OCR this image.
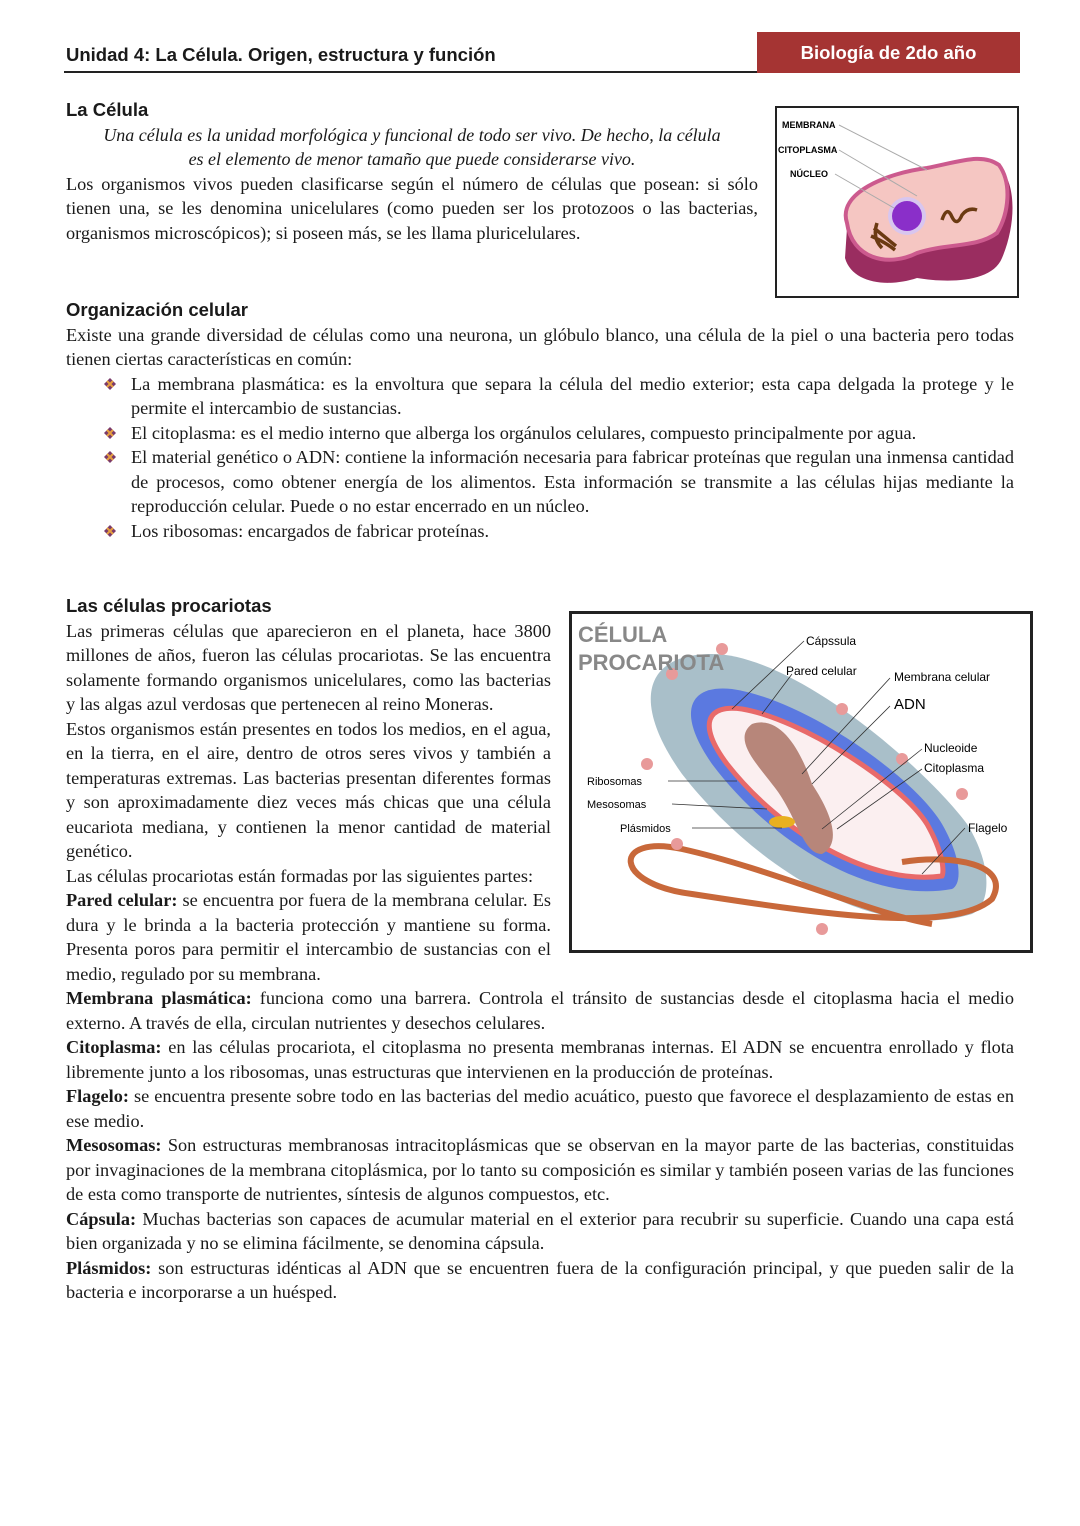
Unidad 4: La Célula. Origen, estructura y función	Biología de 2do año
MEMBRANA
CITOPLASMA
NÚCLEO
La Célula

Una célula es la unidad morfológica y funcional de todo ser vivo. De hecho, la célula es el elemento de menor tamaño que puede considerarse vivo.

Los organismos vivos pueden clasificarse según el número de células que posean: si sólo tienen una, se les denomina unicelulares (como pueden ser los protozoos o las bacterias, organismos microscópicos); si poseen más, se les llama pluricelulares.

Organización celular

Existe una grande diversidad de células como una neurona, un glóbulo blanco, una célula de la piel o una bacteria pero todas tienen ciertas características en común:

La membrana plasmática: es la envoltura que separa la célula del medio exterior; esta capa delgada la protege y le permite el intercambio de sustancias.
El citoplasma: es el medio interno que alberga los orgánulos celulares, compuesto principalmente por agua.
El material genético o ADN: contiene la información necesaria para fabricar proteínas que regulan una inmensa cantidad de procesos, como obtener energía de los alimentos. Esta información se transmite a las células hijas mediante la reproducción celular. Puede o no estar encerrado en un núcleo.
Los ribosomas: encargados de fabricar proteínas.
Las células procariotas
CÉLULA
PROCARIOTA
Cápssula
Pared celular	Membrana celular
ADN
Nucleoide
Citoplasma
Flagelo
Ribosomas
Mesosomas
Plásmidos

Las primeras células que aparecieron en el planeta, hace 3800 millones de años, fueron las células procariotas. Se las encuentra solamente formando organismos unicelulares, como las bacterias y las algas azul verdosas que pertenecen al reino Moneras.

Estos organismos están presentes en todos los medios, en el agua, en la tierra, en el aire, dentro de otros seres vivos y también a temperaturas extremas. Las bacterias presentan diferentes formas y son aproximadamente diez veces más chicas que una célula eucariota mediana, y contienen la menor cantidad de material genético.

Las células procariotas están formadas por las siguientes partes:

Pared celular: se encuentra por fuera de la membrana celular. Es dura y le brinda a la bacteria protección y mantiene su forma. Presenta poros para permitir el intercambio de sustancias con el medio, regulado por su membrana.

Membrana plasmática: funciona como una barrera. Controla el tránsito de sustancias desde el citoplasma hacia el medio externo. A través de ella, circulan nutrientes y desechos celulares.

Citoplasma: en las células procariota, el citoplasma no presenta membranas internas. El ADN se encuentra enrollado y flota libremente junto a los ribosomas, unas estructuras que intervienen en la producción de proteínas.

Flagelo: se encuentra presente sobre todo en las bacterias del medio acuático, puesto que favorece el desplazamiento de estas en ese medio.

Mesosomas: Son estructuras membranosas intracitoplásmicas que se observan en la mayor parte de las bacterias, constituidas por invaginaciones de la membrana citoplásmica, por lo tanto su composición es similar y también poseen varias de las funciones de esta como transporte de nutrientes, síntesis de algunos compuestos, etc.

Cápsula: Muchas bacterias son capaces de acumular material en el exterior para recubrir su superficie. Cuando una capa está bien organizada y no se elimina fácilmente, se denomina cápsula.

Plásmidos: son estructuras idénticas al ADN que se encuentren fuera de la configuración principal, y que pueden salir de la bacteria e incorporarse a un huésped.
